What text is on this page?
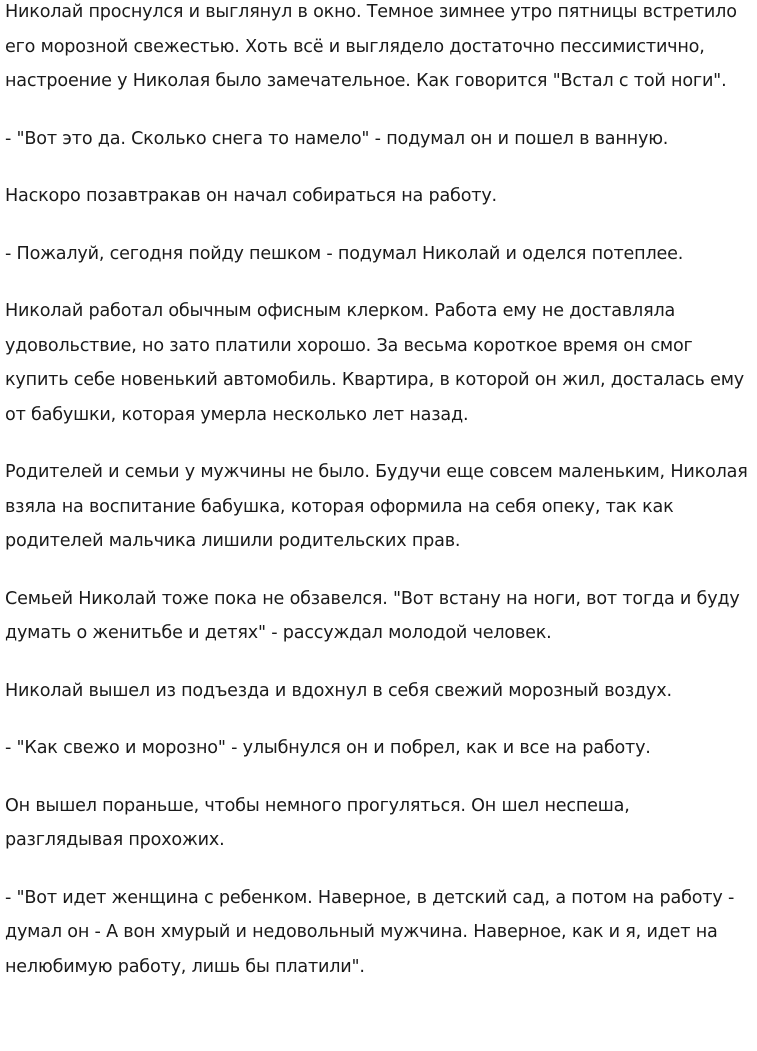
Николай проснулся и выглянул в окно. Темное зимнее утро пятницы встретило его морозной свежестью. Хоть всё и выглядело достаточно пессимистично, настроение у Николая было замечательное. Как говорится "Встал с той ноги".

- "Вот это да. Сколько снега то намело" - подумал он и пошел в ванную.

Наскоро позавтракав он начал собираться на работу.

- Пожалуй, сегодня пойду пешком - подумал Николай и оделся потеплее.

Николай работал обычным офисным клерком. Работа ему не доставляла удовольствие, но зато платили хорошо. За весьма короткое время он смог купить себе новенький автомобиль. Квартира, в которой он жил, досталась ему от бабушки, которая умерла несколько лет назад.

Родителей и семьи у мужчины не было. Будучи еще совсем маленьким, Николая взяла на воспитание бабушка, которая оформила на себя опеку, так как родителей мальчика лишили родительских прав.

Семьей Николай тоже пока не обзавелся. "Вот встану на ноги, вот тогда и буду думать о женитьбе и детях" - рассуждал молодой человек.

Николай вышел из подъезда и вдохнул в себя свежий морозный воздух.

- "Как свежо и морозно" - улыбнулся он и побрел, как и все на работу.

Он вышел пораньше, чтобы немного прогуляться. Он шел неспеша, разглядывая прохожих.

- "Вот идет женщина с ребенком. Наверное, в детский сад, а потом на работу - думал он - А вон хмурый и недовольный мужчина. Наверное, как и я, идет на нелюбимую работу, лишь бы платили".
